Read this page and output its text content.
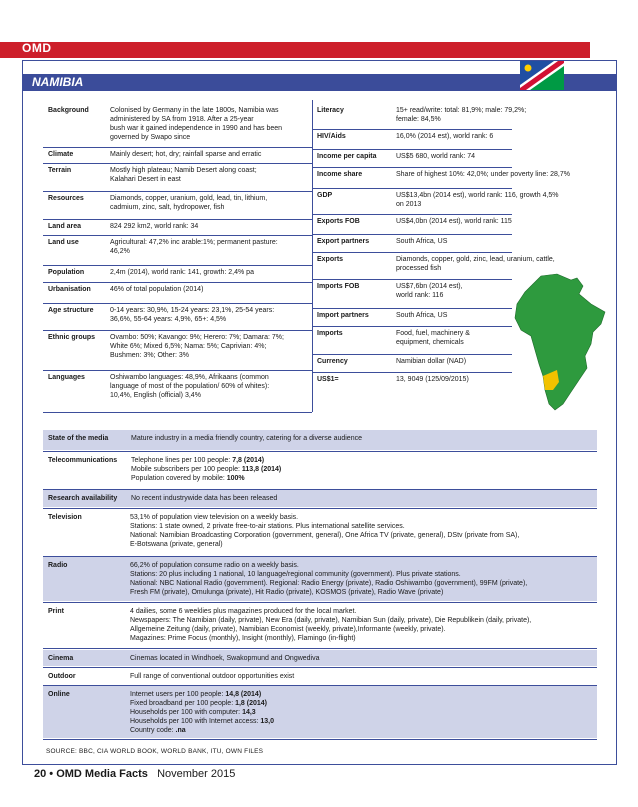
OMD
NAMIBIA
Background	Colonised by Germany in the late 1800s, Namibia was
administered by SA from 1918. After a 25-year
bush war it gained independence in 1990 and has been
governed by Swapo since
Climate	Mainly desert; hot, dry; rainfall sparse and erratic
Terrain	Mostly high plateau; Namib Desert along coast;
Kalahari Desert in east
Resources	Diamonds, copper, uranium, gold, lead, tin, lithium,
cadmium, zinc, salt, hydropower, fish
Land area	824 292 km2, world rank: 34
Land use	Agricultural: 47,2% inc arable:1%; permanent pasture:
46,2%
Population	2,4m (2014), world rank: 141, growth: 2,4% pa
Urbanisation	46% of total population (2014)
Age structure	0-14 years: 30,9%, 15-24 years: 23,1%, 25-54 years:
36,6%, 55-64 years: 4,9%, 65+: 4,5%
Ethnic groups	Ovambo: 50%; Kavango: 9%; Herero: 7%; Damara: 7%;
White 6%; Mixed 6,5%; Nama: 5%; Caprivian: 4%;
Bushmen: 3%; Other: 3%
Languages	Oshiwambo languages: 48,9%, Afrikaans (common
language of most of the population/ 60% of whites):
10,4%, English (official) 3,4%
Literacy	15+ read/write: total: 81,9%; male: 79,2%;
female: 84,5%
HIV/Aids	16,0% (2014 est), world rank: 6
Income per capita	US$5 680, world rank: 74
Income share	Share of highest 10%: 42,0%; under poverty line: 28,7%
GDP	US$13,4bn (2014 est), world rank: 116, growth 4,5%
on 2013
Exports FOB	US$4,0bn (2014 est), world rank: 115
Export partners	South Africa, US
Exports	Diamonds, copper, gold, zinc, lead, uranium, cattle,
processed fish
Imports FOB	US$7,6bn (2014 est),
world rank: 116
Import partners	South Africa, US
Imports	Food, fuel, machinery &
equipment, chemicals
Currency	Namibian dollar (NAD)
US$1=	13, 9049 (125/09/2015)
State of the media	Mature industry in a media friendly country, catering for a diverse audience
Telecommunications	Telephone lines per 100 people: 7,8 (2014)
Mobile subscribers per 100 people: 113,8 (2014)
Population covered by mobile: 100%
Research availability	No recent industrywide data has been released
Television	53,1% of population view television on a weekly basis.
Stations: 1 state owned, 2 private free-to-air stations. Plus international satellite services.
National: Namibian Broadcasting Corporation (government, general), One Africa TV (private, general), DStv (private from SA),
E-Botswana (private, general)
Radio	66,2% of population consume radio on a weekly basis.
Stations: 20 plus including 1 national, 10 language/regional community (government). Plus private stations.
National: NBC National Radio (government). Regional: Radio Energy (private), Radio Oshiwambo (government), 99FM (private),
Fresh FM (private), Omulunga (private), Hit Radio (private), KOSMOS (private), Radio Wave (private)
Print	4 dailies, some 6 weeklies plus magazines produced for the local market.
Newspapers: The Namibian (daily, private), New Era (daily, private), Namibian Sun (daily, private), Die Republikein (daily, private),
Allgemeine Zeitung (daily, private), Namibian Economist (weekly, private),Informante (weekly, private).
Magazines: Prime Focus (monthly), Insight (monthly), Flamingo (in-flight)
Cinema	Cinemas located in Windhoek, Swakopmund and Ongwediva
Outdoor	Full range of conventional outdoor opportunities exist
Online	Internet users per 100 people: 14,8 (2014)
Fixed broadband per 100 people: 1,8 (2014)
Households per 100 with computer: 14,3
Households per 100 with Internet access: 13,0
Country code: .na
SOURCE: BBC, CIA WORLD BOOK, WORLD BANK, ITU, OWN FILES
20 • OMD Media Facts November 2015
